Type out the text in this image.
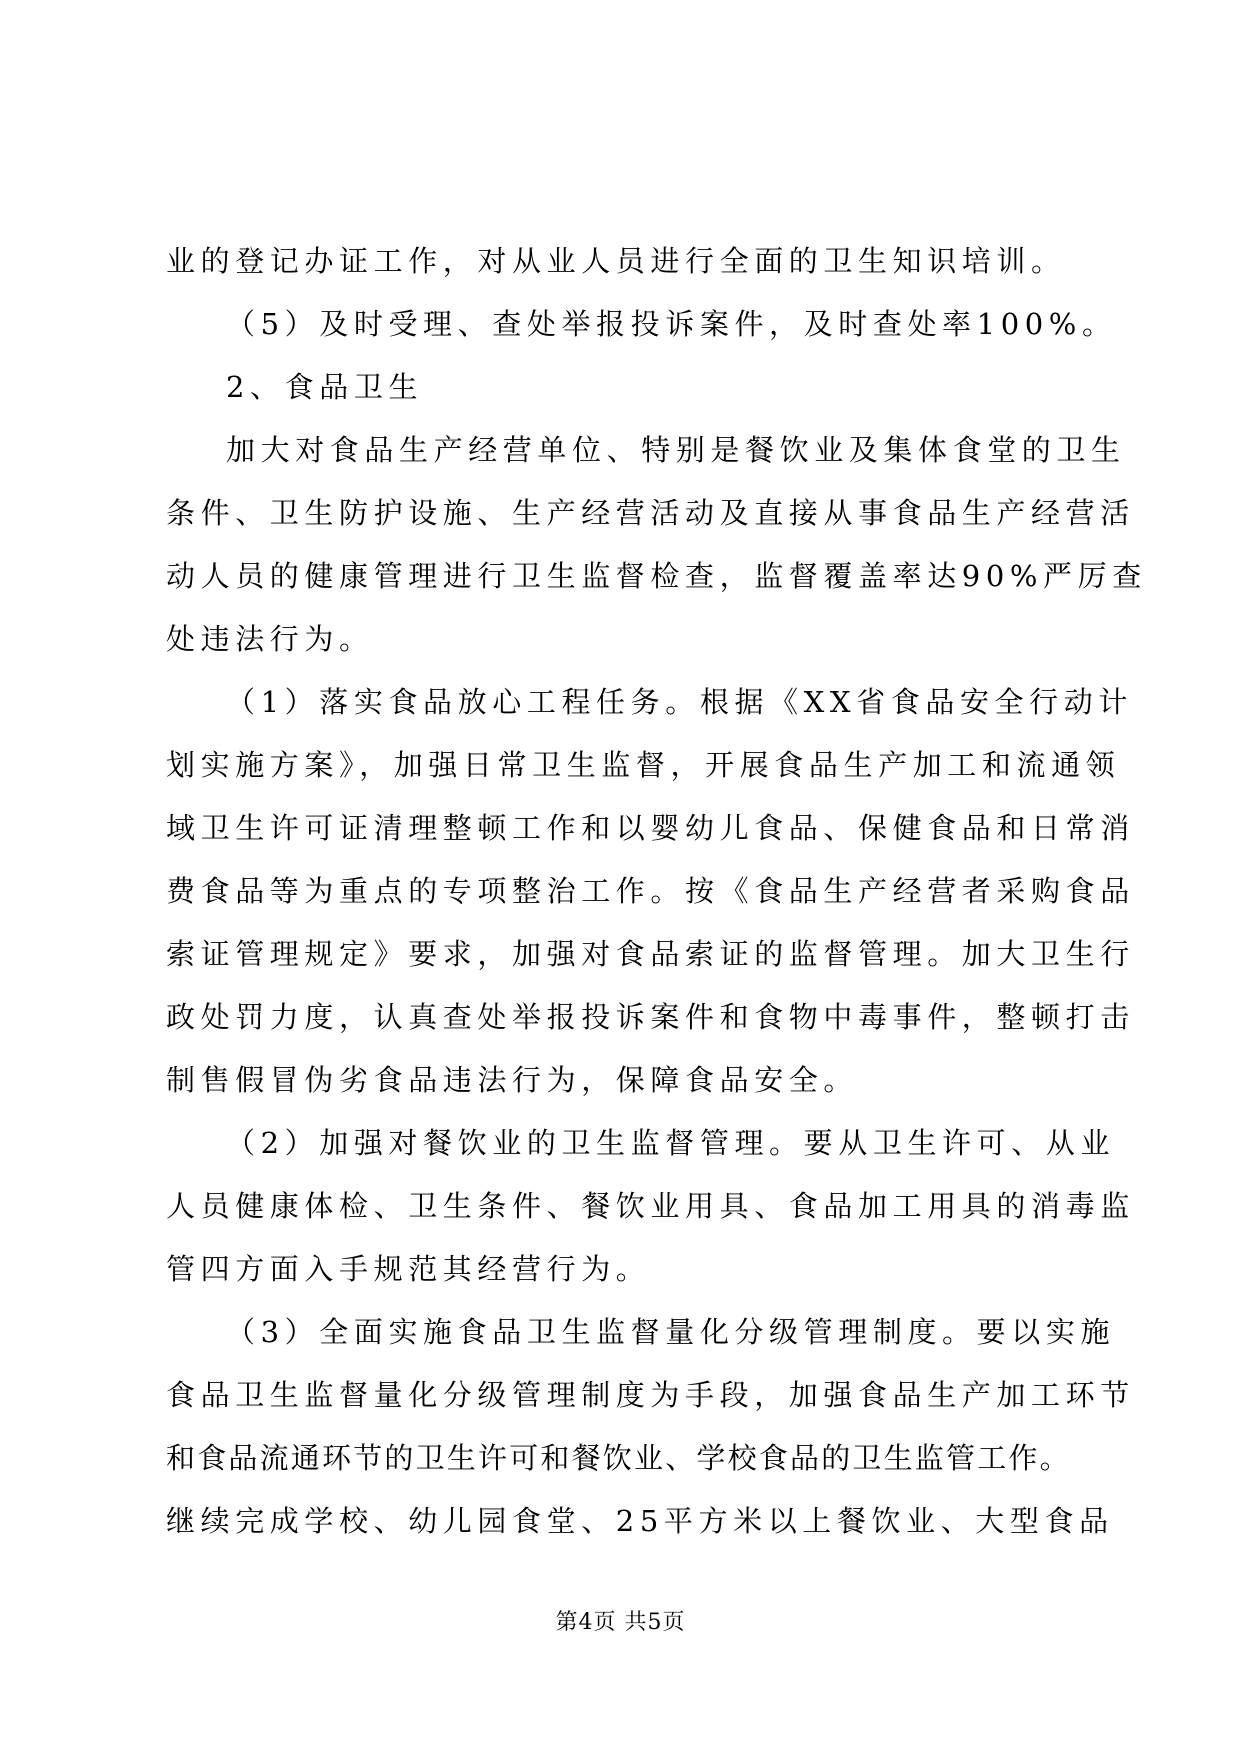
业的登记办证工作，对从业人员进行全面的卫生知识培训。
（5）及时受理、查处举报投诉案件，及时查处率100%。
2、食品卫生
加大对食品生产经营单位、特别是餐饮业及集体食堂的卫生
条件、卫生防护设施、生产经营活动及直接从事食品生产经营活
动人员的健康管理进行卫生监督检查，监督覆盖率达90%严厉查
处违法行为。
（1）落实食品放心工程任务。根据《XX省食品安全行动计
划实施方案》，加强日常卫生监督，开展食品生产加工和流通领
域卫生许可证清理整顿工作和以婴幼儿食品、保健食品和日常消
费食品等为重点的专项整治工作。按《食品生产经营者采购食品
索证管理规定》要求，加强对食品索证的监督管理。加大卫生行
政处罚力度，认真查处举报投诉案件和食物中毒事件，整顿打击
制售假冒伪劣食品违法行为，保障食品安全。
（2）加强对餐饮业的卫生监督管理。要从卫生许可、从业
人员健康体检、卫生条件、餐饮业用具、食品加工用具的消毒监
管四方面入手规范其经营行为。
（3）全面实施食品卫生监督量化分级管理制度。要以实施
食品卫生监督量化分级管理制度为手段，加强食品生产加工环节
和食品流通环节的卫生许可和餐饮业、学校食品的卫生监管工作。
继续完成学校、幼儿园食堂、25平方米以上餐饮业、大型食品
第4页 共5页
